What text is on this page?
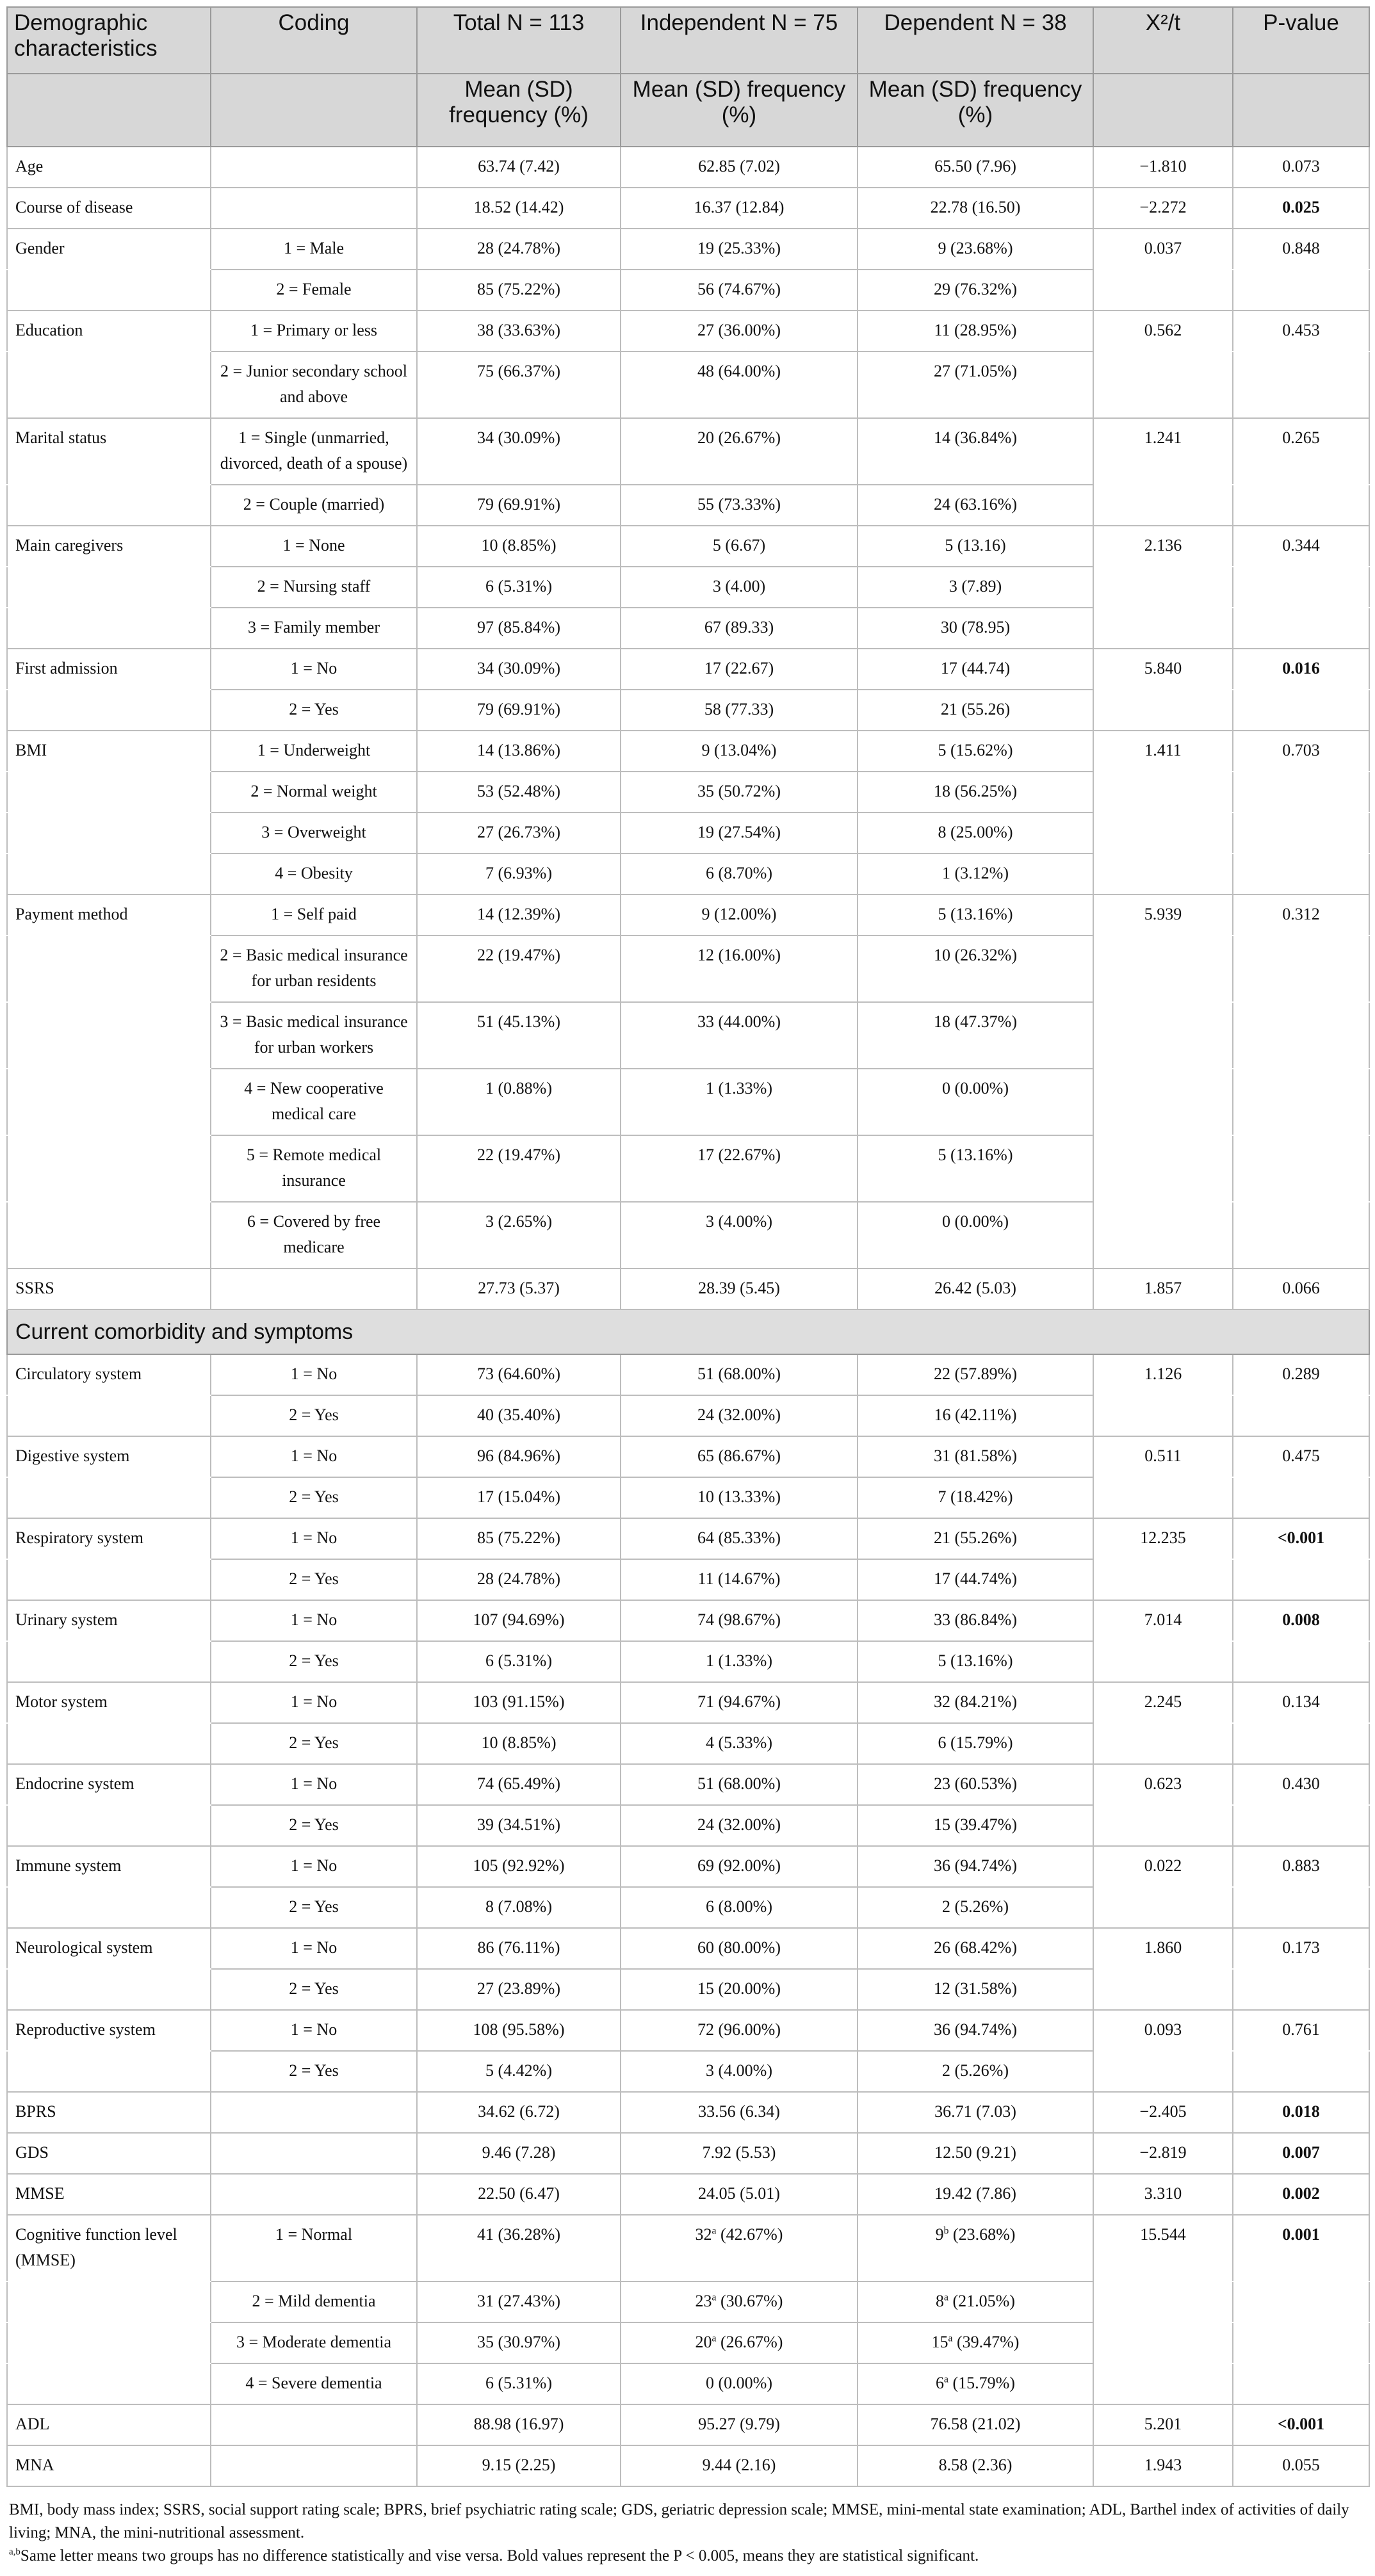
Demographic characteristics	Coding	Total N = 113	Independent N = 75	Dependent N = 38	X²/t	P-value
		Mean (SD) frequency (%)	Mean (SD) frequency (%)	Mean (SD) frequency (%)		
Age		63.74 (7.42)	62.85 (7.02)	65.50 (7.96)	−1.810	0.073
Course of disease		18.52 (14.42)	16.37 (12.84)	22.78 (16.50)	−2.272	0.025
Gender	1 = Male	28 (24.78%)	19 (25.33%)	9 (23.68%)	0.037	0.848
	2 = Female	85 (75.22%)	56 (74.67%)	29 (76.32%)		
Education	1 = Primary or less	38 (33.63%)	27 (36.00%)	11 (28.95%)	0.562	0.453
	2 = Junior secondary school and above	75 (66.37%)	48 (64.00%)	27 (71.05%)		
Marital status	1 = Single (unmarried, divorced, death of a spouse)	34 (30.09%)	20 (26.67%)	14 (36.84%)	1.241	0.265
	2 = Couple (married)	79 (69.91%)	55 (73.33%)	24 (63.16%)		
Main caregivers	1 = None	10 (8.85%)	5 (6.67)	5 (13.16)	2.136	0.344
	2 = Nursing staff	6 (5.31%)	3 (4.00)	3 (7.89)		
	3 = Family member	97 (85.84%)	67 (89.33)	30 (78.95)		
First admission	1 = No	34 (30.09%)	17 (22.67)	17 (44.74)	5.840	0.016
	2 = Yes	79 (69.91%)	58 (77.33)	21 (55.26)		
BMI	1 = Underweight	14 (13.86%)	9 (13.04%)	5 (15.62%)	1.411	0.703
	2 = Normal weight	53 (52.48%)	35 (50.72%)	18 (56.25%)		
	3 = Overweight	27 (26.73%)	19 (27.54%)	8 (25.00%)		
	4 = Obesity	7 (6.93%)	6 (8.70%)	1 (3.12%)		
Payment method	1 = Self paid	14 (12.39%)	9 (12.00%)	5 (13.16%)	5.939	0.312
	2 = Basic medical insurance for urban residents	22 (19.47%)	12 (16.00%)	10 (26.32%)		
	3 = Basic medical insurance for urban workers	51 (45.13%)	33 (44.00%)	18 (47.37%)		
	4 = New cooperative medical care	1 (0.88%)	1 (1.33%)	0 (0.00%)		
	5 = Remote medical insurance	22 (19.47%)	17 (22.67%)	5 (13.16%)		
	6 = Covered by free medicare	3 (2.65%)	3 (4.00%)	0 (0.00%)		
SSRS		27.73 (5.37)	28.39 (5.45)	26.42 (5.03)	1.857	0.066
Current comorbidity and symptoms						
Circulatory system	1 = No	73 (64.60%)	51 (68.00%)	22 (57.89%)	1.126	0.289
	2 = Yes	40 (35.40%)	24 (32.00%)	16 (42.11%)		
Digestive system	1 = No	96 (84.96%)	65 (86.67%)	31 (81.58%)	0.511	0.475
	2 = Yes	17 (15.04%)	10 (13.33%)	7 (18.42%)		
Respiratory system	1 = No	85 (75.22%)	64 (85.33%)	21 (55.26%)	12.235	<0.001
	2 = Yes	28 (24.78%)	11 (14.67%)	17 (44.74%)		
Urinary system	1 = No	107 (94.69%)	74 (98.67%)	33 (86.84%)	7.014	0.008
	2 = Yes	6 (5.31%)	1 (1.33%)	5 (13.16%)		
Motor system	1 = No	103 (91.15%)	71 (94.67%)	32 (84.21%)	2.245	0.134
	2 = Yes	10 (8.85%)	4 (5.33%)	6 (15.79%)		
Endocrine system	1 = No	74 (65.49%)	51 (68.00%)	23 (60.53%)	0.623	0.430
	2 = Yes	39 (34.51%)	24 (32.00%)	15 (39.47%)		
Immune system	1 = No	105 (92.92%)	69 (92.00%)	36 (94.74%)	0.022	0.883
	2 = Yes	8 (7.08%)	6 (8.00%)	2 (5.26%)		
Neurological system	1 = No	86 (76.11%)	60 (80.00%)	26 (68.42%)	1.860	0.173
	2 = Yes	27 (23.89%)	15 (20.00%)	12 (31.58%)		
Reproductive system	1 = No	108 (95.58%)	72 (96.00%)	36 (94.74%)	0.093	0.761
	2 = Yes	5 (4.42%)	3 (4.00%)	2 (5.26%)		
BPRS		34.62 (6.72)	33.56 (6.34)	36.71 (7.03)	−2.405	0.018
GDS		9.46 (7.28)	7.92 (5.53)	12.50 (9.21)	−2.819	0.007
MMSE		22.50 (6.47)	24.05 (5.01)	19.42 (7.86)	3.310	0.002
Cognitive function level (MMSE)	1 = Normal	41 (36.28%)	32$^a$ (42.67%)	9$^b$ (23.68%)	15.544	0.001
	2 = Mild dementia	31 (27.43%)	23$^a$ (30.67%)	8$^a$ (21.05%)		
	3 = Moderate dementia	35 (30.97%)	20$^a$ (26.67%)	15$^a$ (39.47%)		
	4 = Severe dementia	6 (5.31%)	0 (0.00%)	6$^a$ (15.79%)		
ADL		88.98 (16.97)	95.27 (9.79)	76.58 (21.02)	5.201	<0.001
MNA		9.15 (2.25)	9.44 (2.16)	8.58 (2.36)	1.943	0.055
BMI, body mass index; SSRS, social support rating scale; BPRS, brief psychiatric rating scale; GDS, geriatric depression scale; MMSE, mini-mental state examination; ADL, Barthel index of activities of daily living; MNA, the mini-nutritional assessment.
$^{a,b}$Same letter means two groups has no difference statistically and vise versa. Bold values represent the P < 0.005, means they are statistical significant.
